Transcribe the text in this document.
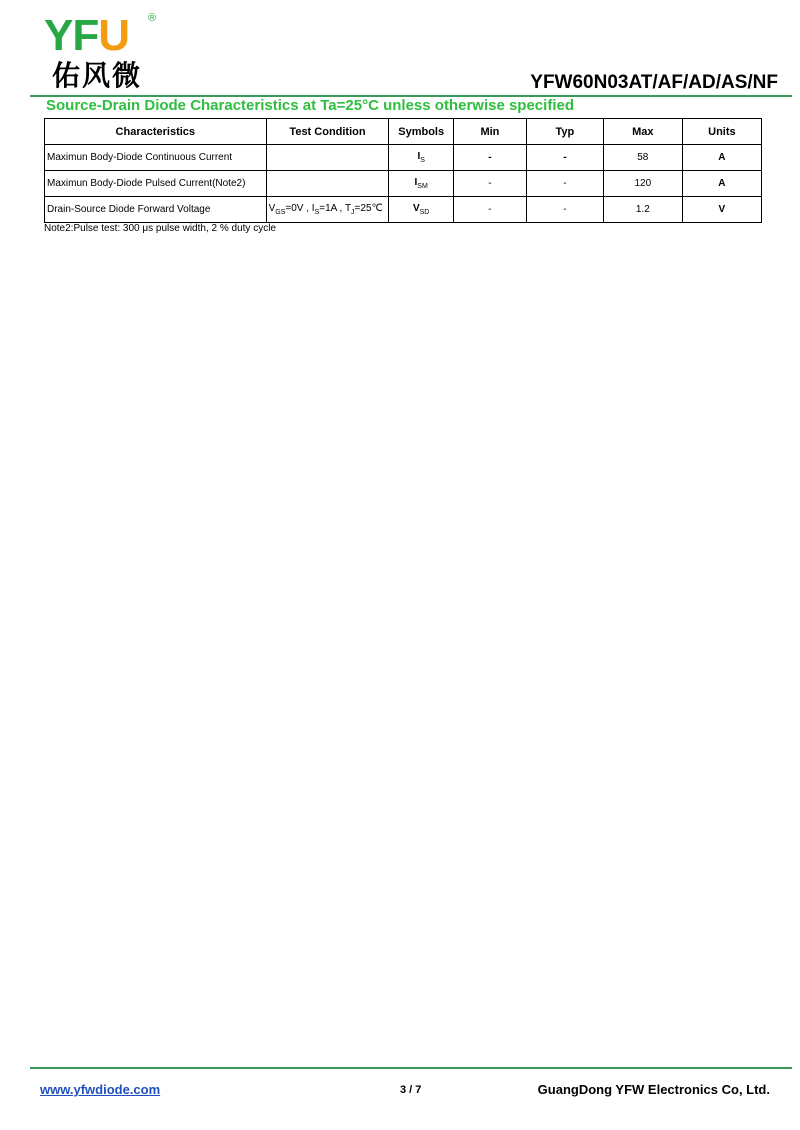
YFU ®
佑风微	YFW60N03AT/AF/AD/AS/NF
Source-Drain Diode Characteristics at Ta=25°C unless otherwise specified
Characteristics	Test Condition	Symbols	Min	Typ	Max	Units
Maximun Body-Diode Continuous Current		$I_S$	-	-	58	A
Maximun Body-Diode Pulsed Current(Note2)		$I_{SM}$	-	-	120	A
Drain-Source Diode Forward Voltage	$V_{GS}=0V$ , $I_S=1A$ , $T_J=25℃$	$V_{SD}$	-	-	1.2	V
Note2:Pulse test: 300 μs pulse width, 2 % duty cycle
www.yfwdiode.com	3 / 7	GuangDong YFW Electronics Co, Ltd.
